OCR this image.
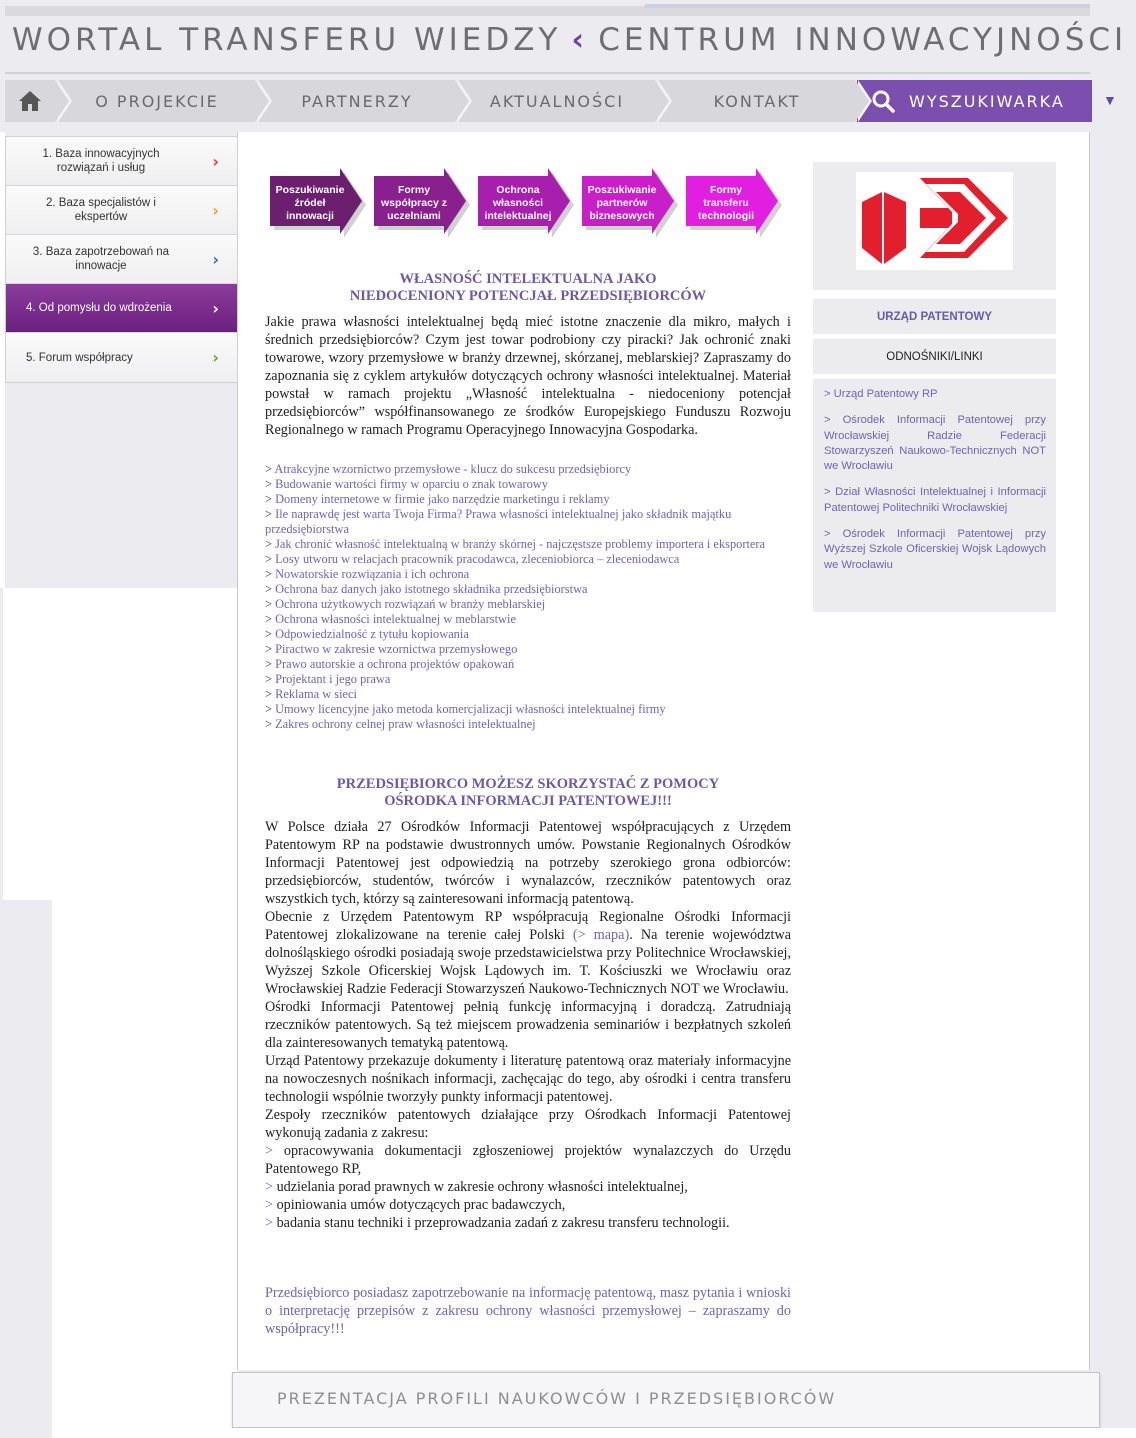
WORTAL TRANSFERU WIEDZY ‹ CENTRUM INNOWACYJNOŚCI
O PROJEKCIE	PARTNERZY	AKTUALNOŚCI	KONTAKT	WYSZUKIWARKA	▼
1. Baza innowacyjnych rozwiązań i usług	›
2. Baza specjalistów i ekspertów	›
3. Baza zapotrzebowań na innowacje	›
4. Od pomysłu do wdrożenia	›
5. Forum współpracy	›
Poszukiwanie źródeł innowacji
Formy współpracy z uczelniami
Ochrona własności intelektualnej
Poszukiwanie partnerów biznesowych
Formy transferu technologii
WŁASNOŚĆ INTELEKTUALNA JAKO
NIEDOCENIONY POTENCJAŁ PRZEDSIĘBIORCÓW
Jakie prawa własności intelektualnej będą mieć istotne znaczenie dla mikro, małych i średnich przedsiębiorców? Czym jest towar podrobiony czy piracki? Jak ochronić znaki towarowe, wzory przemysłowe w branży drzewnej, skórzanej, meblarskiej? Zapraszamy do zapoznania się z cyklem artykułów dotyczących ochrony własności intelektualnej. Materiał powstał w ramach projektu „Własność intelektualna - niedoceniony potencjał przedsiębiorców” współfinansowanego ze środków Europejskiego Funduszu Rozwoju Regionalnego w ramach Programu Operacyjnego Innowacyjna Gospodarka.
> Atrakcyjne wzornictwo przemysłowe - klucz do sukcesu przedsiębiorcy
> Budowanie wartości firmy w oparciu o znak towarowy
> Domeny internetowe w firmie jako narzędzie marketingu i reklamy
> Ile naprawdę jest warta Twoja Firma? Prawa własności intelektualnej jako składnik majątku przedsiębiorstwa
> Jak chronić własność intelektualną w branży skórnej - najczęstsze problemy importera i eksportera
> Losy utworu w relacjach pracownik pracodawca, zleceniobiorca – zleceniodawca
> Nowatorskie rozwiązania i ich ochrona
> Ochrona baz danych jako istotnego składnika przedsiębiorstwa
> Ochrona użytkowych rozwiązań w branży meblarskiej
> Ochrona własności intelektualnej w meblarstwie
> Odpowiedzialność z tytułu kopiowania
> Piractwo w zakresie wzornictwa przemysłowego
> Prawo autorskie a ochrona projektów opakowań
> Projektant i jego prawa
> Reklama w sieci
> Umowy licencyjne jako metoda komercjalizacji własności intelektualnej firmy
> Zakres ochrony celnej praw własności intelektualnej
PRZEDSIĘBIORCO MOŻESZ SKORZYSTAĆ Z POMOCY
OŚRODKA INFORMACJI PATENTOWEJ!!!

W Polsce działa 27 Ośrodków Informacji Patentowej współpracujących z Urzędem Patentowym RP na podstawie dwustronnych umów. Powstanie Regionalnych Ośrodków Informacji Patentowej jest odpowiedzią na potrzeby szerokiego grona odbiorców: przedsiębiorców, studentów, twórców i wynalazców, rzeczników patentowych oraz wszystkich tych, którzy są zainteresowani informacją patentową.

Obecnie z Urzędem Patentowym RP współpracują Regionalne Ośrodki Informacji Patentowej zlokalizowane na terenie całej Polski (> mapa). Na terenie województwa dolnośląskiego ośrodki posiadają swoje przedstawicielstwa przy Politechnice Wrocławskiej, Wyższej Szkole Oficerskiej Wojsk Lądowych im. T. Kościuszki we Wrocławiu oraz Wrocławskiej Radzie Federacji Stowarzyszeń Naukowo-Technicznych NOT we Wrocławiu.

Ośrodki Informacji Patentowej pełnią funkcję informacyjną i doradczą. Zatrudniają rzeczników patentowych. Są też miejscem prowadzenia seminariów i bezpłatnych szkoleń dla zainteresowanych tematyką patentową.

Urząd Patentowy przekazuje dokumenty i literaturę patentową oraz materiały informacyjne na nowoczesnych nośnikach informacji, zachęcając do tego, aby ośrodki i centra transferu technologii wspólnie tworzyły punkty informacji patentowej.

Zespoły rzeczników patentowych działające przy Ośrodkach Informacji Patentowej wykonują zadania z zakresu:

> opracowywania dokumentacji zgłoszeniowej projektów wynalazczych do Urzędu Patentowego RP,

> udzielania porad prawnych w zakresie ochrony własności intelektualnej,

> opiniowania umów dotyczących prac badawczych,

> badania stanu techniki i przeprowadzania zadań z zakresu transferu technologii.

Przedsiębiorco posiadasz zapotrzebowanie na informację patentową, masz pytania i wnioski o interpretację przepisów z zakresu ochrony własności przemysłowej – zapraszamy do współpracy!!!
URZĄD PATENTOWY
ODNOŚNIKI/LINKI
> Urząd Patentowy RP
> Ośrodek Informacji Patentowej przy Wrocławskiej Radzie Federacji Stowarzyszeń Naukowo-Technicznych NOT we Wrocławiu
> Dział Własności Intelektualnej i Informacji Patentowej Politechniki Wrocławskiej
> Ośrodek Informacji Patentowej przy Wyższej Szkole Oficerskiej Wojsk Lądowych we Wrocławiu
PREZENTACJA PROFILI NAUKOWCÓW I PRZEDSIĘBIORCÓW
